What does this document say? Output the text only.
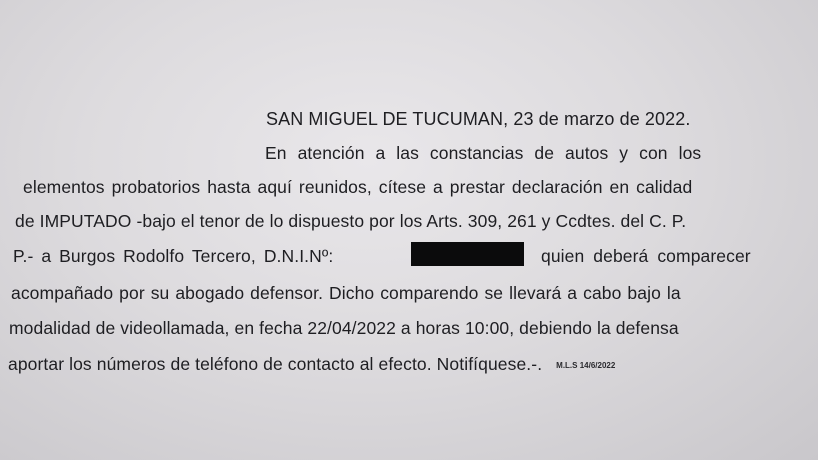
SAN MIGUEL DE TUCUMAN, 23 de marzo de 2022.
En atención a las constancias de autos y con los
elementos probatorios hasta aquí reunidos, cítese a prestar declaración en calidad
de IMPUTADO -bajo el tenor de lo dispuesto por los Arts. 309, 261 y Ccdtes. del C. P.
P.- a Burgos Rodolfo Tercero, D.N.I.Nº:	quien deberá comparecer
acompañado por su abogado defensor. Dicho comparendo se llevará a cabo bajo la
modalidad de videollamada, en fecha 22/04/2022 a horas 10:00, debiendo la defensa
aportar los números de teléfono de contacto al efecto. Notifíquese.-. M.L.S 14/6/2022
